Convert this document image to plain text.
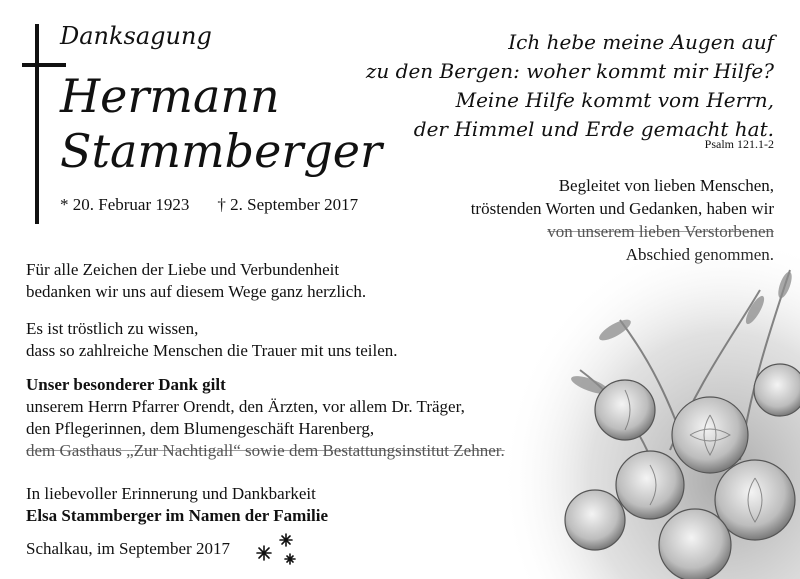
Danksagung
Hermann
Stammberger
* 20. Februar 1923 † 2. September 2017
Ich hebe meine Augen auf
zu den Bergen: woher kommt mir Hilfe?
Meine Hilfe kommt vom Herrn,
der Himmel und Erde gemacht hat.
Psalm 121.1-2
Begleitet von lieben Menschen,
tröstenden Worten und Gedanken, haben wir
von unserem lieben Verstorbenen
Für alle Zeichen der Liebe und Verbundenheit
bedanken wir uns auf diesem Wege ganz herzlich.
Es ist tröstlich zu wissen,
dass so zahlreiche Menschen die Trauer mit uns teilen.
Unser besonderer Dank gilt
unserem Herrn Pfarrer Orendt, den Ärzten, vor allem Dr. Träger,
den Pflegerinnen, dem Blumengeschäft Harenberg,
dem Gasthaus „Zur Nachtigall“ sowie dem Bestattungsinstitut Zehner.
In liebevoller Erinnerung und Dankbarkeit
Elsa Stammberger im Namen der Familie
Schalkau, im September 2017
